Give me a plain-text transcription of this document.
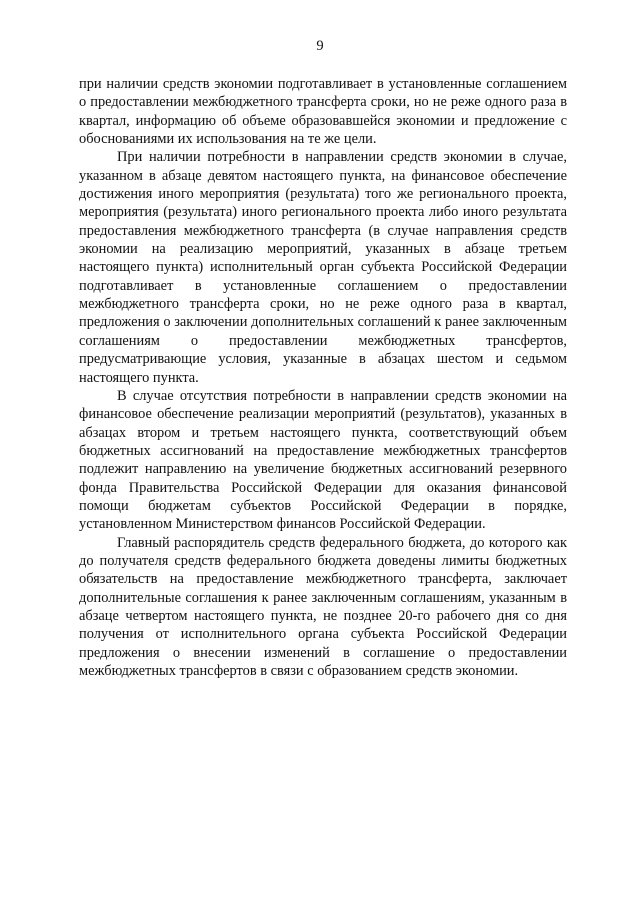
9

при наличии средств экономии подготавливает в установленные соглашением о предоставлении межбюджетного трансферта сроки, но не реже одного раза в квартал, информацию об объеме образовавшейся экономии и предложение с обоснованиями их использования на те же цели.

При наличии потребности в направлении средств экономии в случае, указанном в абзаце девятом настоящего пункта, на финансовое обеспечение достижения иного мероприятия (результата) того же регионального проекта, мероприятия (результата) иного регионального проекта либо иного результата предоставления межбюджетного трансферта (в случае направления средств экономии на реализацию мероприятий, указанных в абзаце третьем настоящего пункта) исполнительный орган субъекта Российской Федерации подготавливает в установленные соглашением о предоставлении межбюджетного трансферта сроки, но не реже одного раза в квартал, предложения о заключении дополнительных соглашений к ранее заключенным соглашениям о предоставлении межбюджетных трансфертов, предусматривающие условия, указанные в абзацах шестом и седьмом настоящего пункта.

В случае отсутствия потребности в направлении средств экономии на финансовое обеспечение реализации мероприятий (результатов), указанных в абзацах втором и третьем настоящего пункта, соответствующий объем бюджетных ассигнований на предоставление межбюджетных трансфертов подлежит направлению на увеличение бюджетных ассигнований резервного фонда Правительства Российской Федерации для оказания финансовой помощи бюджетам субъектов Российской Федерации в порядке, установленном Министерством финансов Российской Федерации.

Главный распорядитель средств федерального бюджета, до которого как до получателя средств федерального бюджета доведены лимиты бюджетных обязательств на предоставление межбюджетного трансферта, заключает дополнительные соглашения к ранее заключенным соглашениям, указанным в абзаце четвертом настоящего пункта, не позднее 20-го рабочего дня со дня получения от исполнительного органа субъекта Российской Федерации предложения о внесении изменений в соглашение о предоставлении межбюджетных трансфертов в связи с образованием средств экономии.
